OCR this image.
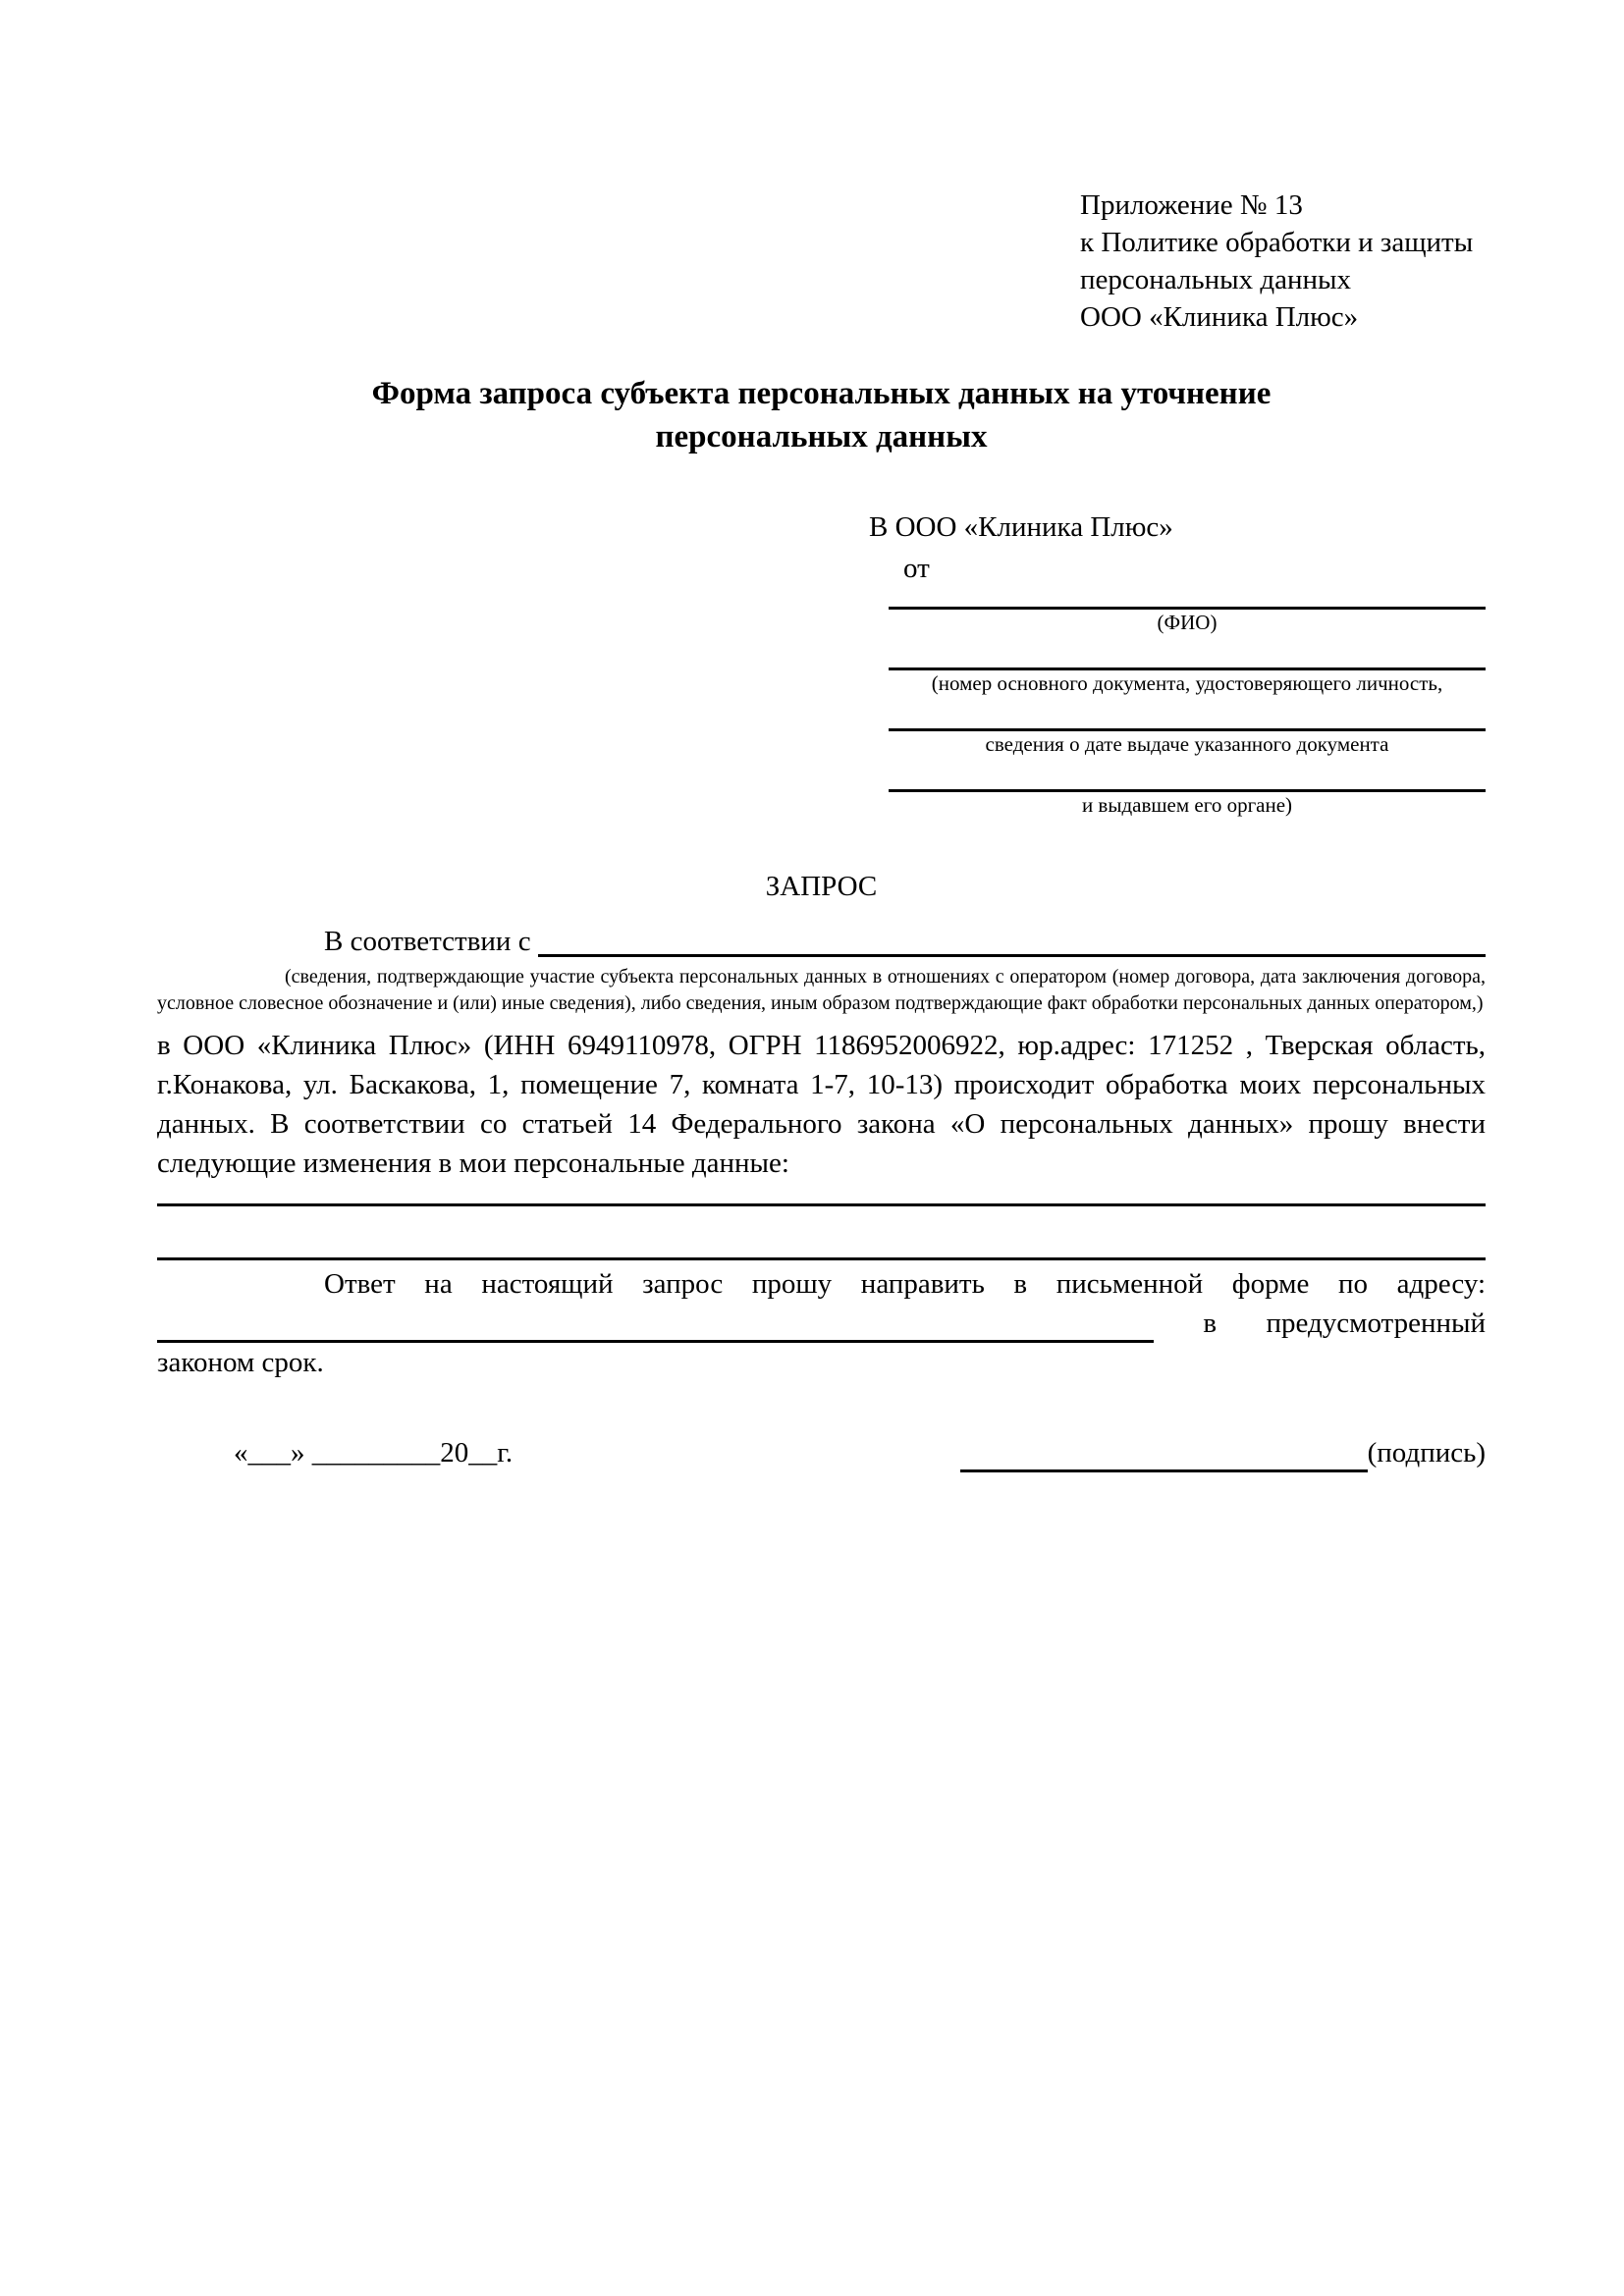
Приложение № 13
к Политике обработки и защиты
персональных данных
ООО «Клиника Плюс»
Форма запроса субъекта персональных данных на уточнение
персональных данных
В ООО «Клиника Плюс»
от
(ФИО)
(номер основного документа, удостоверяющего личность,
сведения о дате выдаче указанного документа
и выдавшем его органе)
ЗАПРОС
В соответствии с
(сведения, подтверждающие участие субъекта персональных данных в отношениях с оператором (номер договора, дата заключения договора, условное словесное обозначение и (или) иные сведения), либо сведения, иным образом подтверждающие факт обработки персональных данных оператором,)
в ООО «Клиника Плюс» (ИНН 6949110978, ОГРН 1186952006922, юр.адрес: 171252 , Тверская область, г.Конакова, ул. Баскакова, 1, помещение 7, комната 1-7, 10-13) происходит обработка моих персональных данных. В соответствии со статьей 14 Федерального закона «О персональных данных» прошу внести следующие изменения в мои персональные данные:
Ответ на настоящий запрос прошу направить в письменной форме по адресу:
в предусмотренный
законом срок.
«___» _________20__г.	(подпись)
